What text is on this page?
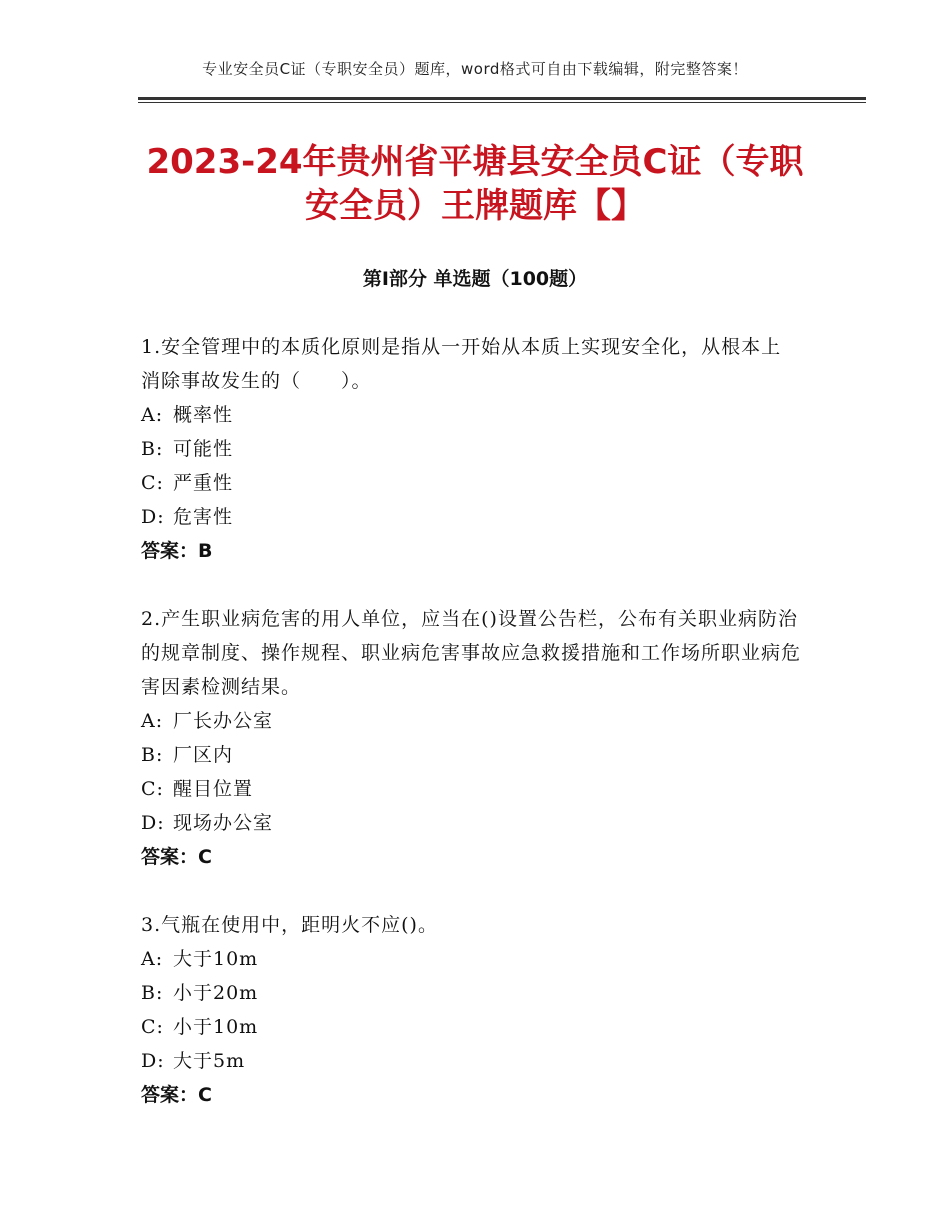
专业安全员C证（专职安全员）题库，word格式可自由下载编辑，附完整答案！
2023-24年贵州省平塘县安全员C证（专职安全员）王牌题库【】
第Ⅰ部分 单选题（100题）
1.安全管理中的本质化原则是指从一开始从本质上实现安全化，从根本上消除事故发生的（　　）。
A: 概率性
B: 可能性
C: 严重性
D: 危害性
答案：B
2.产生职业病危害的用人单位，应当在()设置公告栏，公布有关职业病防治的规章制度、操作规程、职业病危害事故应急救援措施和工作场所职业病危害因素检测结果。
A: 厂长办公室
B: 厂区内
C: 醒目位置
D: 现场办公室
答案：C
3.气瓶在使用中，距明火不应()。
A: 大于10m
B: 小于20m
C: 小于10m
D: 大于5m
答案：C
